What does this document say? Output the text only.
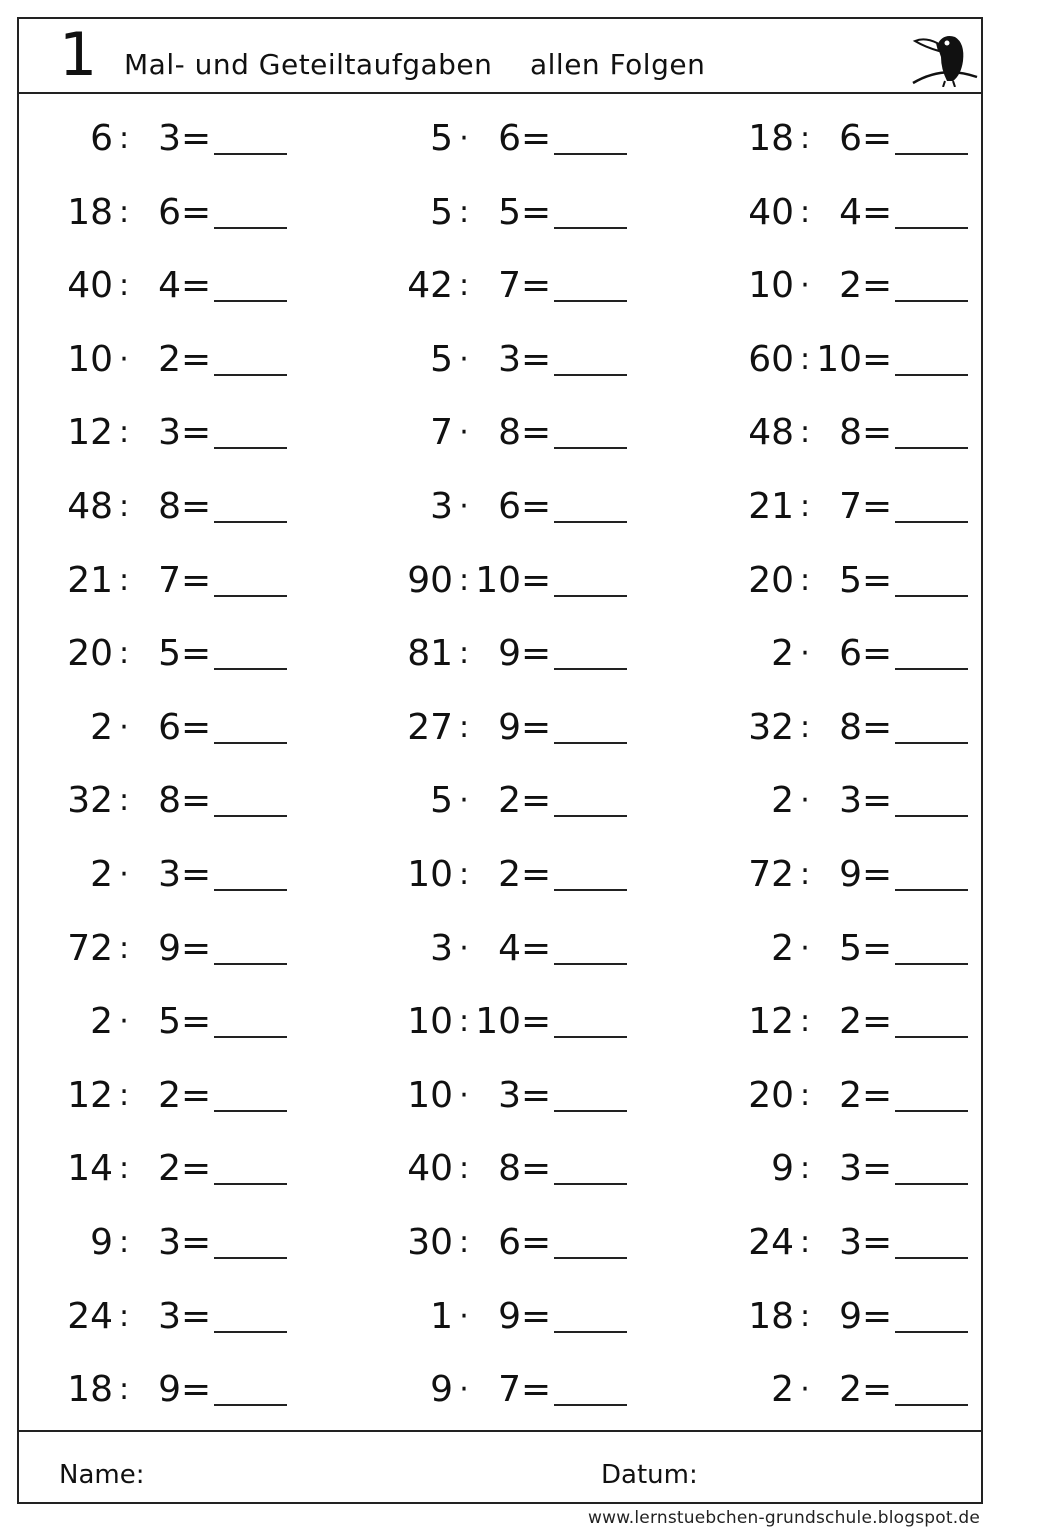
1 Mal- und Geteiltaufgaben    allen Folgen
6 : 3 =
18 : 6 =
40 : 4 =
10 · 2 =
12 : 3 =
48 : 8 =
21 : 7 =
20 : 5 =
2 · 6 =
32 : 8 =
2 · 3 =
72 : 9 =
2 · 5 =
12 : 2 =
14 : 2 =
9 : 3 =
24 : 3 =
18 : 9 =
5 · 6 =
5 : 5 =
42 : 7 =
5 · 3 =
7 · 8 =
3 · 6 =
90 : 10 =
81 : 9 =
27 : 9 =
5 · 2 =
10 : 2 =
3 · 4 =
10 : 10 =
10 · 3 =
40 : 8 =
30 : 6 =
1 · 9 =
9 · 7 =
18 : 6 =
40 : 4 =
10 · 2 =
60 : 10 =
48 : 8 =
21 : 7 =
20 : 5 =
2 · 6 =
32 : 8 =
2 · 3 =
72 : 9 =
2 · 5 =
12 : 2 =
20 : 2 =
9 : 3 =
24 : 3 =
18 : 9 =
2 · 2 =
Name:	Datum:
www.lernstuebchen-grundschule.blogspot.de
